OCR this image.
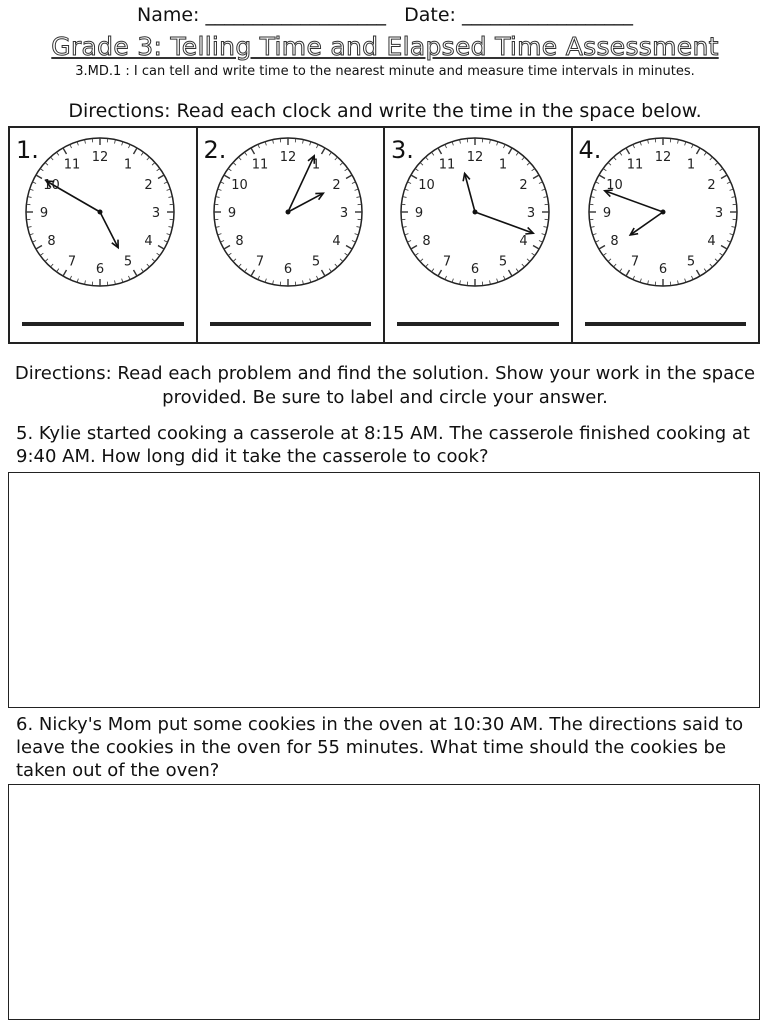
Name: ___________________ Date: __________________
Grade 3: Telling Time and Elapsed Time Assessment
3.MD.1 : I can tell and write time to the nearest minute and measure time intervals in minutes.
Directions: Read each clock and write the time in the space below.
12
1
2
3
4
5
6
7
8
9
10
11
1.	12
1
2
3
4
5
6
7
8
9
10
11
2.	12
1
2
3
4
5
6
7
8
9
10
11
3.	12
1
2
3
4
5
6
7
8
9
10
11
4.
Directions: Read each problem and find the solution. Show your work in the space provided. Be sure to label and circle your answer.
5. Kylie started cooking a casserole at 8:15 AM. The casserole finished cooking at 9:40 AM. How long did it take the casserole to cook?
6. Nicky's Mom put some cookies in the oven at 10:30 AM. The directions said to leave the cookies in the oven for 55 minutes. What time should the cookies be taken out of the oven?
